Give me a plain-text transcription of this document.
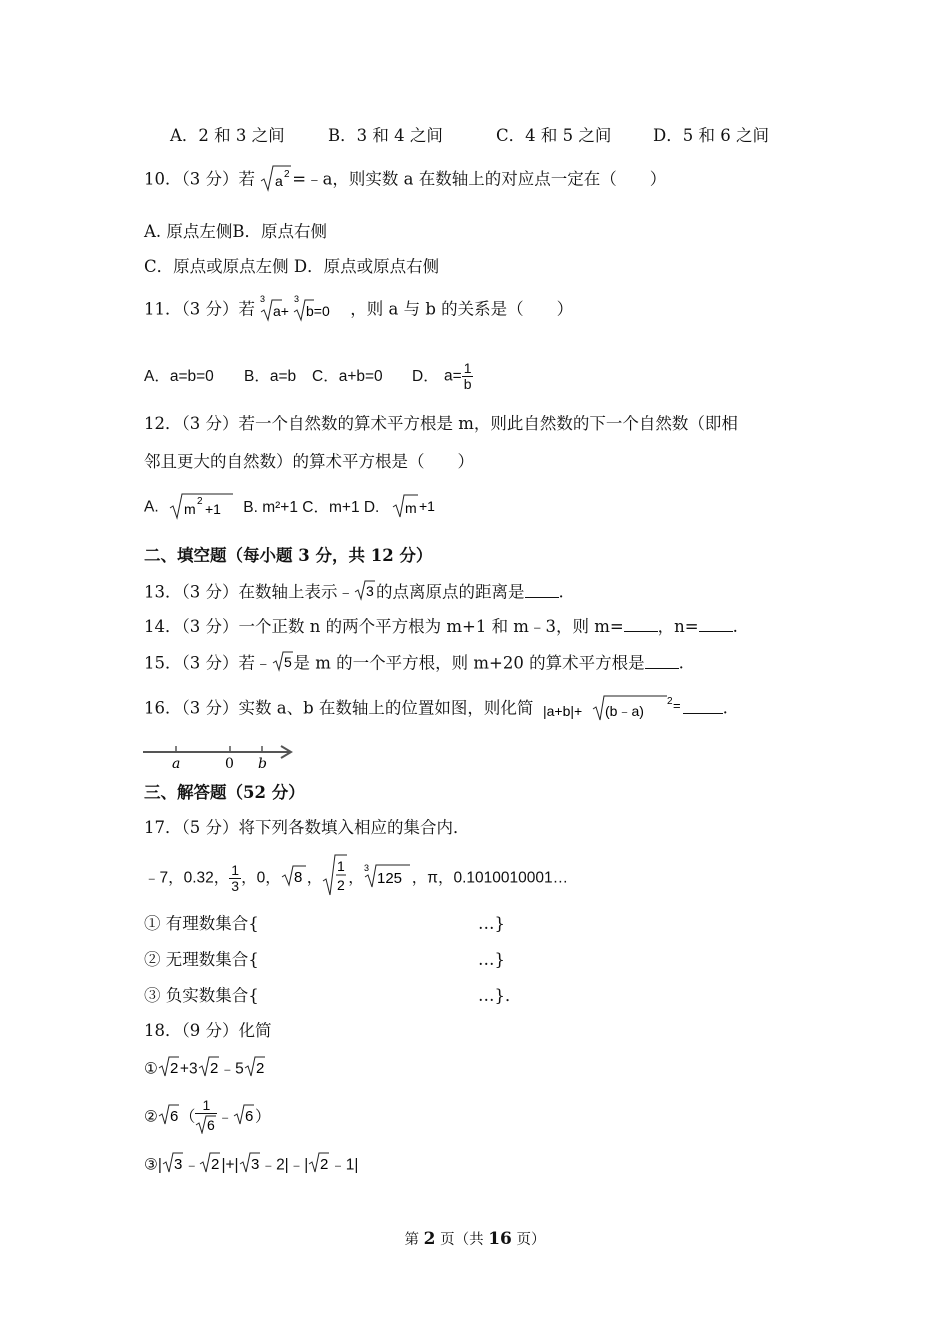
A．2 和 3 之间	B．3 和 4 之间	C．4 和 5 之间	D．5 和 6 之间
10．（3 分）若 a 2 =﹣a，则实数 a 在数轴上的对应点一定在（　　）
A. 原点左侧B．原点右侧
C．原点或原点左侧 D．原点或原点右侧
11．（3 分）若
3
a+
3
b=0 ，则 a 与 b 的关系是（　　）
A．a=b=0 B．a=b C．a+b=0 D． $a= \frac{1}{b}$
12．（3 分）若一个自然数的算术平方根是 m，则此自然数的下一个自然数（即相
邻且更大的自然数）的算术平方根是（　　）
A. m 2 +1 B. m²+1 C．m+1 D. m +1
二、填空题（每小题 3 分，共 12 分）
13．（3 分）在数轴上表示﹣ 3 的点离原点的距离是 .
14．（3 分）一个正数 n 的两个平方根为 m+1 和 m﹣3，则 m= ，n= .
15．（3 分）若﹣ 5 是 m 的一个平方根，则 m+20 的算术平方根是 .
16．（3 分）实数 a、b 在数轴上的位置如图，则化简 |a+b|+ (b﹣a)
2 =	.
a	0 b
三、解答题（52 分）
17．（5 分）将下列各数填入相应的集合内．
﹣7，0.32， $\frac{1}{3}$ ，0， 8 ，
1
2 ，
3
125 ，π，0.1010010001…
① 有理数集合{	…}
② 无理数集合{	…}
③ 负实数集合{	…}．
18．（9 分）化简
① 2 +3 2 ﹣5 2
② 6 （ $\frac{1}{6}$ ﹣ 6 ）
③| 3 ﹣ 2 |+| 3 ﹣2|﹣| 2 ﹣1|
第 2 页（共 16 页）
